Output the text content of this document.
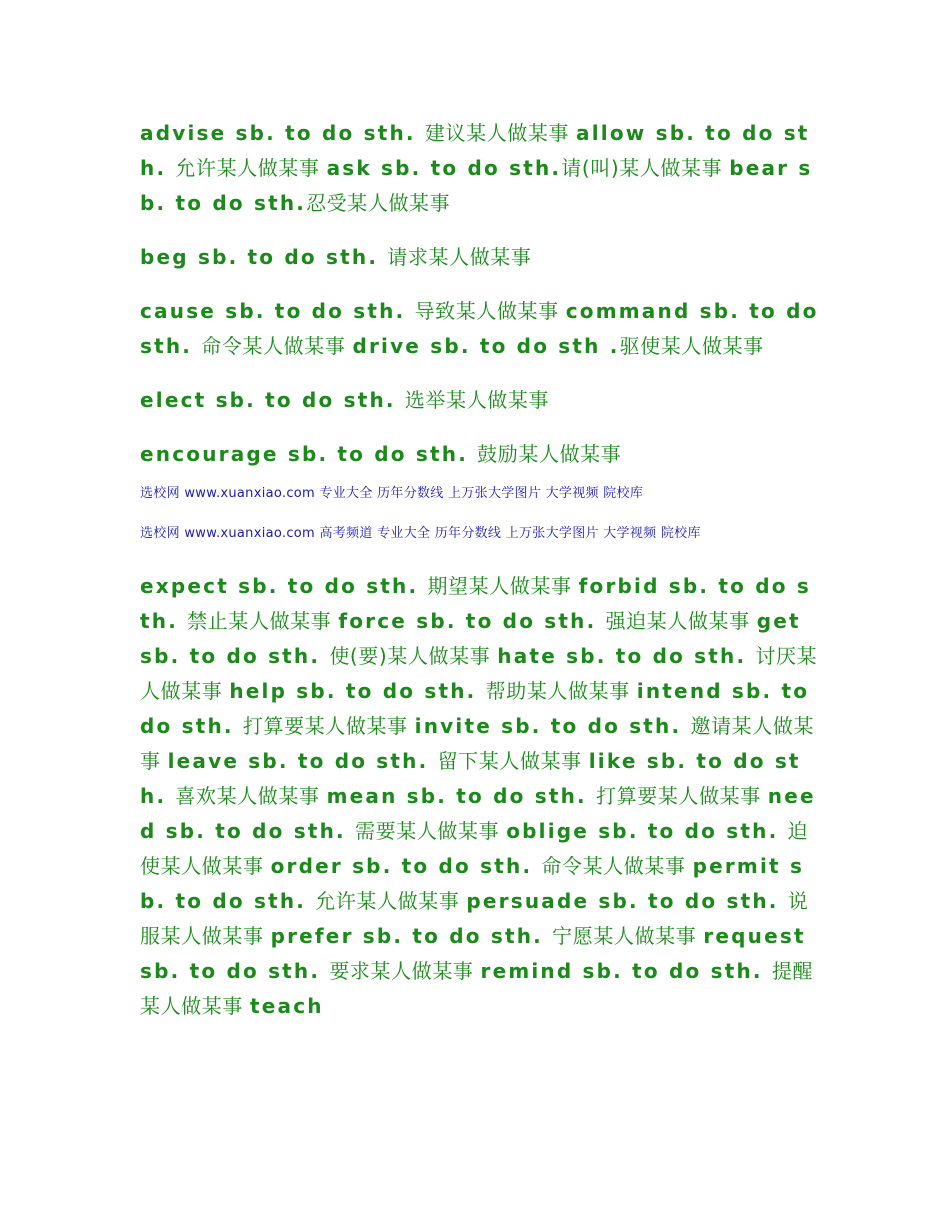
advise sb. to do sth. 建议某人做某事 allow sb. to do sth. 允许某人做某事 ask sb. to do sth.请(叫)某人做某事 bear sb. to do sth.忍受某人做某事

beg sb. to do sth. 请求某人做某事

cause sb. to do sth. 导致某人做某事 command sb. to do sth. 命令某人做某事 drive sb. to do sth .驱使某人做某事

elect sb. to do sth. 选举某人做某事

encourage sb. to do sth. 鼓励某人做某事

选校网 www.xuanxiao.com 专业大全 历年分数线 上万张大学图片 大学视频 院校库

选校网 www.xuanxiao.com 高考频道 专业大全 历年分数线 上万张大学图片 大学视频 院校库

expect sb. to do sth. 期望某人做某事 forbid sb. to do sth. 禁止某人做某事 force sb. to do sth. 强迫某人做某事 get sb. to do sth. 使(要)某人做某事 hate sb. to do sth. 讨厌某人做某事 help sb. to do sth. 帮助某人做某事 intend sb. to do sth. 打算要某人做某事 invite sb. to do sth. 邀请某人做某事 leave sb. to do sth. 留下某人做某事 like sb. to do sth. 喜欢某人做某事 mean sb. to do sth. 打算要某人做某事 need sb. to do sth. 需要某人做某事 oblige sb. to do sth. 迫使某人做某事 order sb. to do sth. 命令某人做某事 permit sb. to do sth. 允许某人做某事 persuade sb. to do sth. 说服某人做某事 prefer sb. to do sth. 宁愿某人做某事 request sb. to do sth. 要求某人做某事 remind sb. to do sth. 提醒某人做某事 teach
